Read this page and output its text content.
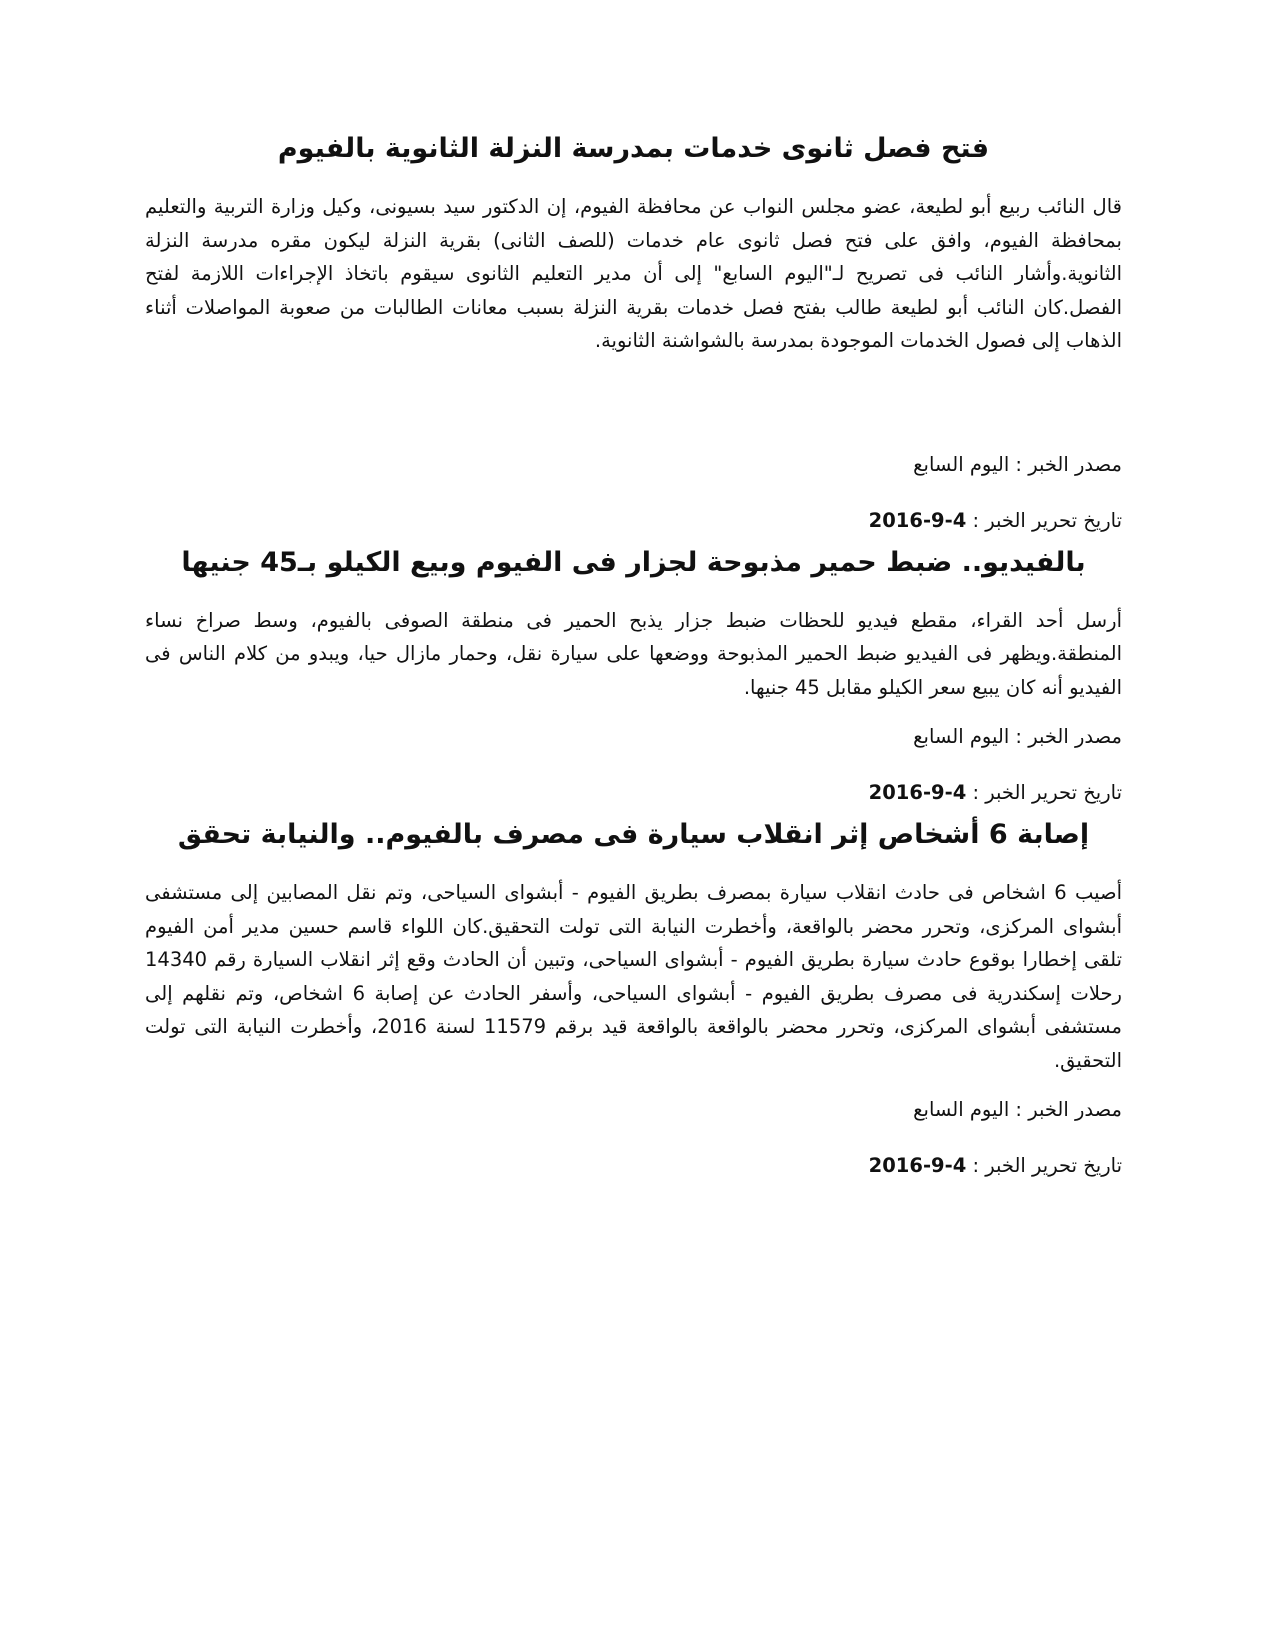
فتح فصل ثانوى خدمات بمدرسة النزلة الثانوية بالفيوم

قال النائب ربيع أبو لطيعة، عضو مجلس النواب عن محافظة الفيوم، إن الدكتور سيد بسيونى، وكيل وزارة التربية والتعليم بمحافظة الفيوم، وافق على فتح فصل ثانوى عام خدمات (للصف الثانى) بقرية النزلة ليكون مقره مدرسة النزلة الثانوية.وأشار النائب فى تصريح لـ"اليوم السابع" إلى أن مدير التعليم الثانوى سيقوم باتخاذ الإجراءات اللازمة لفتح الفصل.كان النائب أبو لطيعة طالب بفتح فصل خدمات بقرية النزلة بسبب معانات الطالبات من صعوبة المواصلات أثناء الذهاب إلى فصول الخدمات الموجودة بمدرسة بالشواشنة الثانوية.

مصدر الخبر : اليوم السابع

تاريخ تحرير الخبر : 2016-9-4

بالفيديو.. ضبط حمير مذبوحة لجزار فى الفيوم وبيع الكيلو بـ45 جنيها

أرسل أحد القراء، مقطع فيديو للحظات ضبط جزار يذبح الحمير فى منطقة الصوفى بالفيوم، وسط صراخ نساء المنطقة.ويظهر فى الفيديو ضبط الحمير المذبوحة ووضعها على سيارة نقل، وحمار مازال حيا، ويبدو من كلام الناس فى الفيديو أنه كان يبيع سعر الكيلو مقابل 45 جنيها.

مصدر الخبر : اليوم السابع

تاريخ تحرير الخبر : 2016-9-4

إصابة 6 أشخاص إثر انقلاب سيارة فى مصرف بالفيوم.. والنيابة تحقق

أصيب 6 اشخاص فى حادث انقلاب سيارة بمصرف بطريق الفيوم - أبشواى السياحى، وتم نقل المصابين إلى مستشفى أبشواى المركزى، وتحرر محضر بالواقعة، وأخطرت النيابة التى تولت التحقيق.كان اللواء قاسم حسين مدير أمن الفيوم تلقى إخطارا بوقوع حادث سيارة بطريق الفيوم - أبشواى السياحى، وتبين أن الحادث وقع إثر انقلاب السيارة رقم 14340 رحلات إسكندرية فى مصرف بطريق الفيوم - أبشواى السياحى، وأسفر الحادث عن إصابة 6 اشخاص، وتم نقلهم إلى مستشفى أبشواى المركزى، وتحرر محضر بالواقعة بالواقعة قيد برقم 11579 لسنة 2016، وأخطرت النيابة التى تولت التحقيق.

مصدر الخبر : اليوم السابع

تاريخ تحرير الخبر : 2016-9-4
